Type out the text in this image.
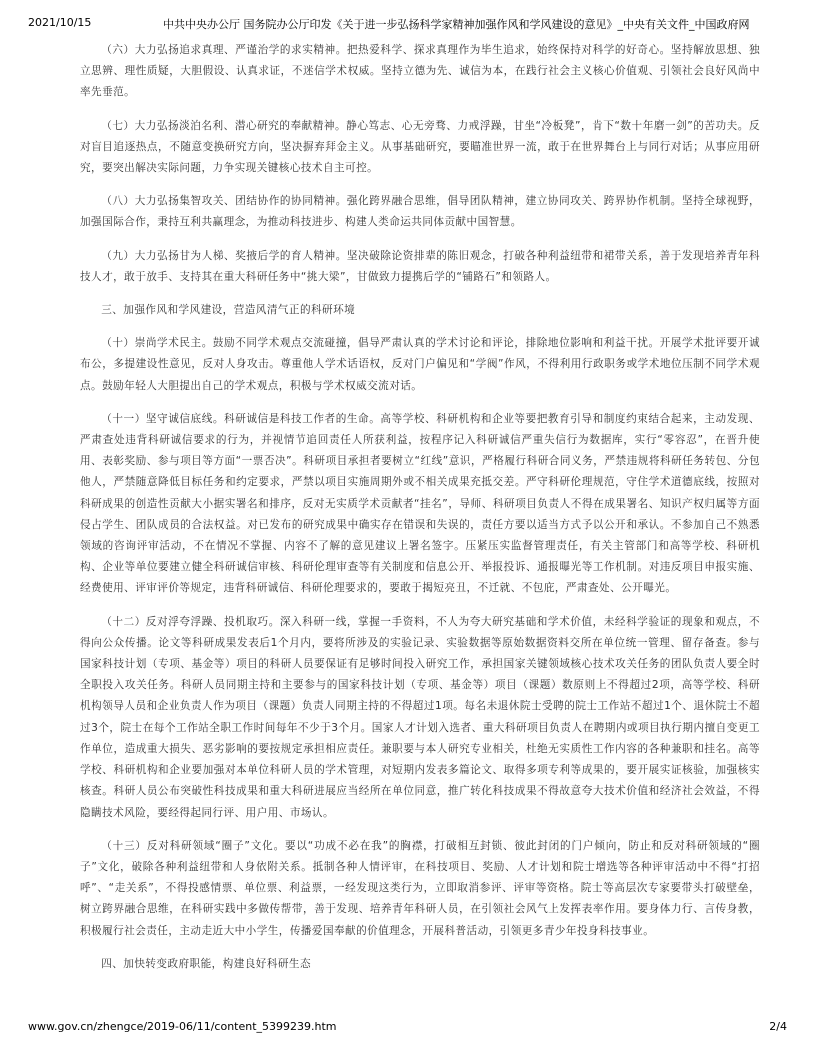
2021/10/15	中共中央办公厅 国务院办公厅印发《关于进一步弘扬科学家精神加强作风和学风建设的意见》_中央有关文件_中国政府网

（六）大力弘扬追求真理、严谨治学的求实精神。把热爱科学、探求真理作为毕生追求，始终保持对科学的好奇心。坚持解放思想、独立思辨、理性质疑，大胆假设、认真求证，不迷信学术权威。坚持立德为先、诚信为本，在践行社会主义核心价值观、引领社会良好风尚中率先垂范。

（七）大力弘扬淡泊名利、潜心研究的奉献精神。静心笃志、心无旁骛、力戒浮躁，甘坐“冷板凳”，肯下“数十年磨一剑”的苦功夫。反对盲目追逐热点，不随意变换研究方向，坚决摒弃拜金主义。从事基础研究，要瞄准世界一流，敢于在世界舞台上与同行对话；从事应用研究，要突出解决实际问题，力争实现关键核心技术自主可控。

（八）大力弘扬集智攻关、团结协作的协同精神。强化跨界融合思维，倡导团队精神，建立协同攻关、跨界协作机制。坚持全球视野，加强国际合作，秉持互利共赢理念，为推动科技进步、构建人类命运共同体贡献中国智慧。

（九）大力弘扬甘为人梯、奖掖后学的育人精神。坚决破除论资排辈的陈旧观念，打破各种利益纽带和裙带关系，善于发现培养青年科技人才，敢于放手、支持其在重大科研任务中“挑大梁”，甘做致力提携后学的“铺路石”和领路人。

三、加强作风和学风建设，营造风清气正的科研环境

（十）崇尚学术民主。鼓励不同学术观点交流碰撞，倡导严肃认真的学术讨论和评论，排除地位影响和利益干扰。开展学术批评要开诚布公，多提建设性意见，反对人身攻击。尊重他人学术话语权，反对门户偏见和“学阀”作风，不得利用行政职务或学术地位压制不同学术观点。鼓励年轻人大胆提出自己的学术观点，积极与学术权威交流对话。

（十一）坚守诚信底线。科研诚信是科技工作者的生命。高等学校、科研机构和企业等要把教育引导和制度约束结合起来，主动发现、严肃查处违背科研诚信要求的行为，并视情节追回责任人所获利益，按程序记入科研诚信严重失信行为数据库，实行“零容忍”，在晋升使用、表彰奖励、参与项目等方面“一票否决”。科研项目承担者要树立“红线”意识，严格履行科研合同义务，严禁违规将科研任务转包、分包他人，严禁随意降低目标任务和约定要求，严禁以项目实施周期外或不相关成果充抵交差。严守科研伦理规范，守住学术道德底线，按照对科研成果的创造性贡献大小据实署名和排序，反对无实质学术贡献者“挂名”，导师、科研项目负责人不得在成果署名、知识产权归属等方面侵占学生、团队成员的合法权益。对已发布的研究成果中确实存在错误和失误的，责任方要以适当方式予以公开和承认。不参加自己不熟悉领域的咨询评审活动，不在情况不掌握、内容不了解的意见建议上署名签字。压紧压实监督管理责任，有关主管部门和高等学校、科研机构、企业等单位要建立健全科研诚信审核、科研伦理审查等有关制度和信息公开、举报投诉、通报曝光等工作机制。对违反项目申报实施、经费使用、评审评价等规定，违背科研诚信、科研伦理要求的，要敢于揭短亮丑，不迁就、不包庇，严肃查处、公开曝光。

（十二）反对浮夸浮躁、投机取巧。深入科研一线，掌握一手资料，不人为夸大研究基础和学术价值，未经科学验证的现象和观点，不得向公众传播。论文等科研成果发表后1个月内，要将所涉及的实验记录、实验数据等原始数据资料交所在单位统一管理、留存备查。参与国家科技计划（专项、基金等）项目的科研人员要保证有足够时间投入研究工作，承担国家关键领域核心技术攻关任务的团队负责人要全时全职投入攻关任务。科研人员同期主持和主要参与的国家科技计划（专项、基金等）项目（课题）数原则上不得超过2项，高等学校、科研机构领导人员和企业负责人作为项目（课题）负责人同期主持的不得超过1项。每名未退休院士受聘的院士工作站不超过1个、退休院士不超过3个，院士在每个工作站全职工作时间每年不少于3个月。国家人才计划入选者、重大科研项目负责人在聘期内或项目执行期内擅自变更工作单位，造成重大损失、恶劣影响的要按规定承担相应责任。兼职要与本人研究专业相关，杜绝无实质性工作内容的各种兼职和挂名。高等学校、科研机构和企业要加强对本单位科研人员的学术管理，对短期内发表多篇论文、取得多项专利等成果的，要开展实证核验，加强核实核查。科研人员公布突破性科技成果和重大科研进展应当经所在单位同意，推广转化科技成果不得故意夸大技术价值和经济社会效益，不得隐瞒技术风险，要经得起同行评、用户用、市场认。

（十三）反对科研领域“圈子”文化。要以“功成不必在我”的胸襟，打破相互封锁、彼此封闭的门户倾向，防止和反对科研领域的“圈子”文化，破除各种利益纽带和人身依附关系。抵制各种人情评审，在科技项目、奖励、人才计划和院士增选等各种评审活动中不得“打招呼”、“走关系”，不得投感情票、单位票、利益票，一经发现这类行为，立即取消参评、评审等资格。院士等高层次专家要带头打破壁垒，树立跨界融合思维，在科研实践中多做传帮带，善于发现、培养青年科研人员，在引领社会风气上发挥表率作用。要身体力行、言传身教，积极履行社会责任，主动走近大中小学生，传播爱国奉献的价值理念，开展科普活动，引领更多青少年投身科技事业。

四、加快转变政府职能，构建良好科研生态

www.gov.cn/zhengce/2019-06/11/content_5399239.htm	2/4
